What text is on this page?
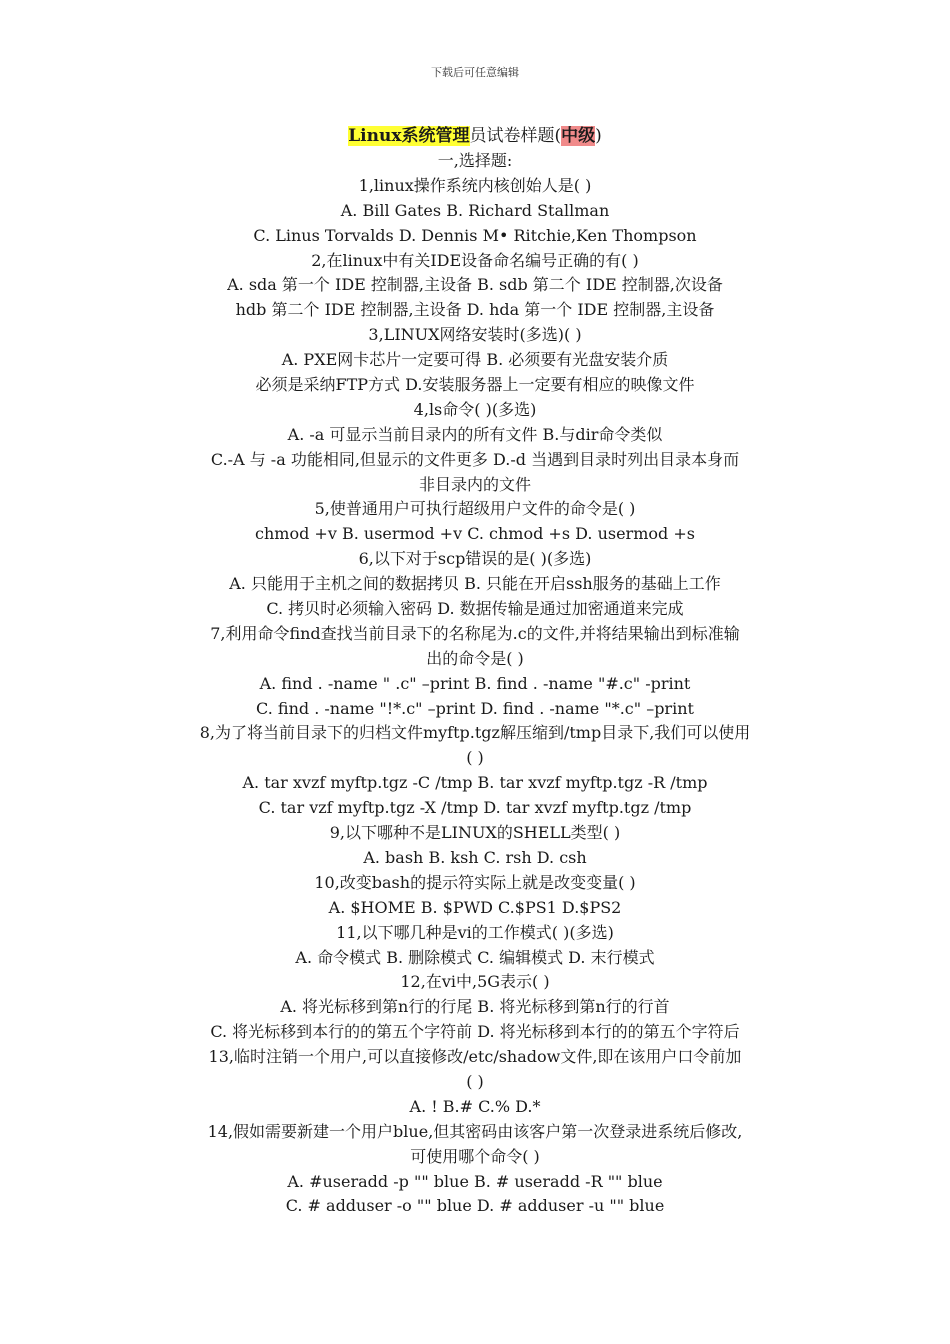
下载后可任意编辑
Linux系统管理员试卷样题(中级)
一,选择题:
1,linux操作系统内核创始人是( )
A. Bill Gates B. Richard Stallman
C. Linus Torvalds D. Dennis M• Ritchie,Ken Thompson
2,在linux中有关IDE设备命名编号正确的有( )
A. sda 第一个 IDE 控制器,主设备 B. sdb 第二个 IDE 控制器,次设备
hdb 第二个 IDE 控制器,主设备 D. hda 第一个 IDE 控制器,主设备
3,LINUX网络安装时(多选)( )
A. PXE网卡芯片一定要可得 B. 必须要有光盘安装介质
必须是采纳FTP方式 D.安装服务器上一定要有相应的映像文件
4,ls命令( )(多选)
A. -a 可显示当前目录内的所有文件 B.与dir命令类似
C.-A 与 -a 功能相同,但显示的文件更多 D.-d 当遇到目录时列出目录本身而
非目录内的文件
5,使普通用户可执行超级用户文件的命令是( )
chmod +v B. usermod +v C. chmod +s D. usermod +s
6,以下对于scp错误的是( )(多选)
A. 只能用于主机之间的数据拷贝 B. 只能在开启ssh服务的基础上工作
C. 拷贝时必须输入密码 D. 数据传输是通过加密通道来完成
7,利用命令find查找当前目录下的名称尾为.c的文件,并将结果输出到标准输
出的命令是( )
A. find . -name " .c" –print B. find . -name "#.c" -print
C. find . -name "!*.c" –print D. find . -name "*.c" –print
8,为了将当前目录下的归档文件myftp.tgz解压缩到/tmp目录下,我们可以使用
( )
A. tar xvzf myftp.tgz -C /tmp B. tar xvzf myftp.tgz -R /tmp
C. tar vzf myftp.tgz -X /tmp D. tar xvzf myftp.tgz /tmp
9,以下哪种不是LINUX的SHELL类型( )
A. bash B. ksh C. rsh D. csh
10,改变bash的提示符实际上就是改变变量( )
A. $HOME B. $PWD C.$PS1 D.$PS2
11,以下哪几种是vi的工作模式( )(多选)
A. 命令模式 B. 删除模式 C. 编辑模式 D. 末行模式
12,在vi中,5G表示( )
A. 将光标移到第n行的行尾 B. 将光标移到第n行的行首
C. 将光标移到本行的的第五个字符前 D. 将光标移到本行的的第五个字符后
13,临时注销一个用户,可以直接修改/etc/shadow文件,即在该用户口令前加
( )
A. ! B.# C.% D.*
14,假如需要新建一个用户blue,但其密码由该客户第一次登录进系统后修改,
可使用哪个命令( )
A. #useradd -p "" blue B. # useradd -R "" blue
C. # adduser -o "" blue D. # adduser -u "" blue
